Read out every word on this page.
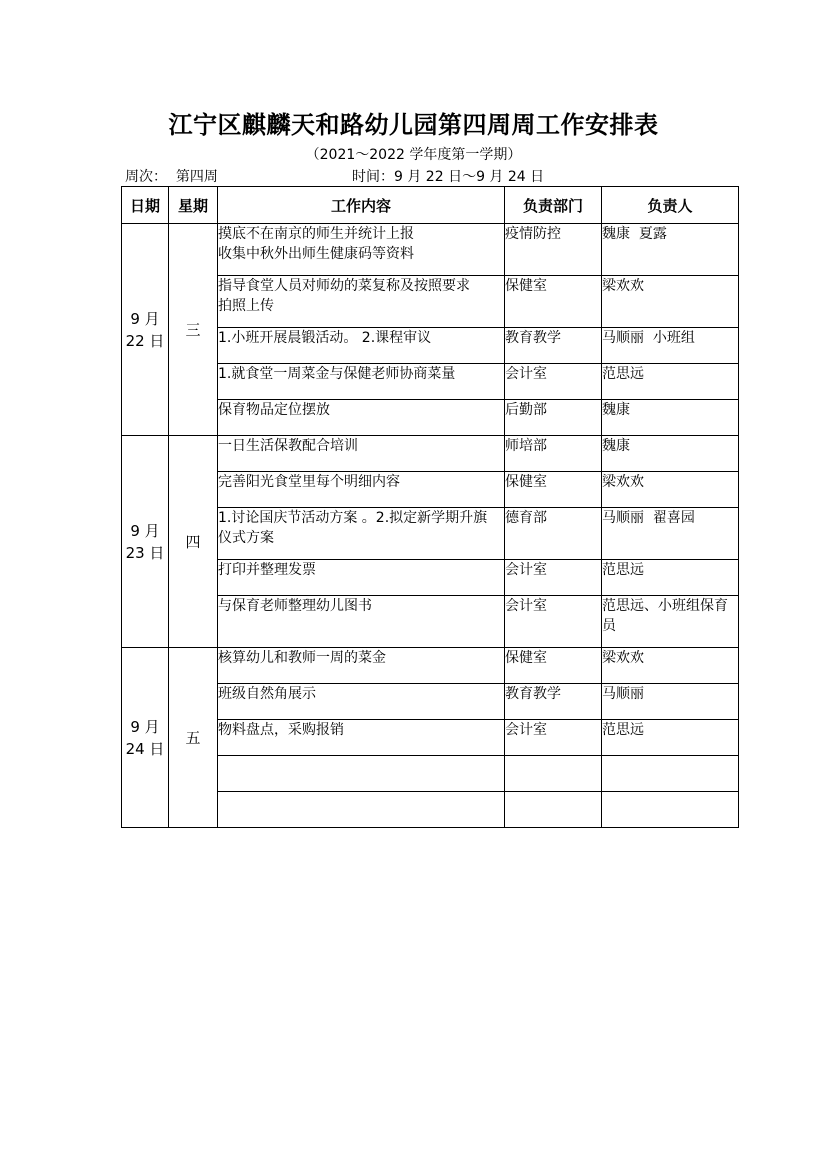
江宁区麒麟天和路幼儿园第四周周工作安排表
（2021～2022 学年度第一学期）
周次：  第四周	时间：9 月 22 日～9 月 24 日
日期	星期	工作内容	负责部门	负责人

9 月
22 日	三	摸底不在南京的师生并统计上报
收集中秋外出师生健康码等资料	疫情防控	魏康  夏露

		指导食堂人员对师幼的菜复称及按照要求
拍照上传	保健室	梁欢欢

		1.小班开展晨锻活动。 2.课程审议	教育教学	马顺丽  小班组

		1.就食堂一周菜金与保健老师协商菜量	会计室	范思远

		保育物品定位摆放	后勤部	魏康

9 月
23 日	四	一日生活保教配合培训	师培部	魏康

		完善阳光食堂里每个明细内容	保健室	梁欢欢

		1.讨论国庆节活动方案 。2.拟定新学期升旗
仪式方案	德育部	马顺丽  翟喜园

		打印并整理发票	会计室	范思远

		与保育老师整理幼儿图书	会计室	范思远、小班组保育员

9 月
24 日	五	核算幼儿和教师一周的菜金	保健室	梁欢欢

		班级自然角展示	教育教学	马顺丽

		物料盘点，采购报销	会计室	范思远
